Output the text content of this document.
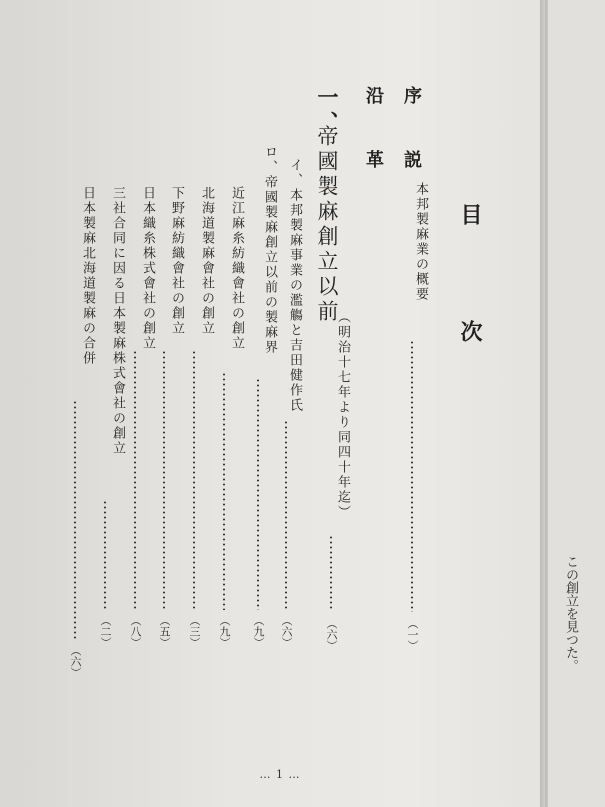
目
次
序　説
本邦製麻業の概要
（一）
沿　革
一、
帝國製麻創立以前
（明治十七年より同四十年迄）
（六）
イ、本邦製麻事業の濫觴と吉田健作氏
（六）
ロ、帝國製麻創立以前の製麻界
（九）
近江麻糸紡織會社の創立
（九）
北海道製麻會社の創立
（三）
下野麻紡織會社の創立
（五）
日本織糸株式會社の創立
（八）
三社合同に因る日本製麻株式會社の創立
（二）
日本製麻北海道製麻の合併
（六）
… 1 …
この創立を見つた。
